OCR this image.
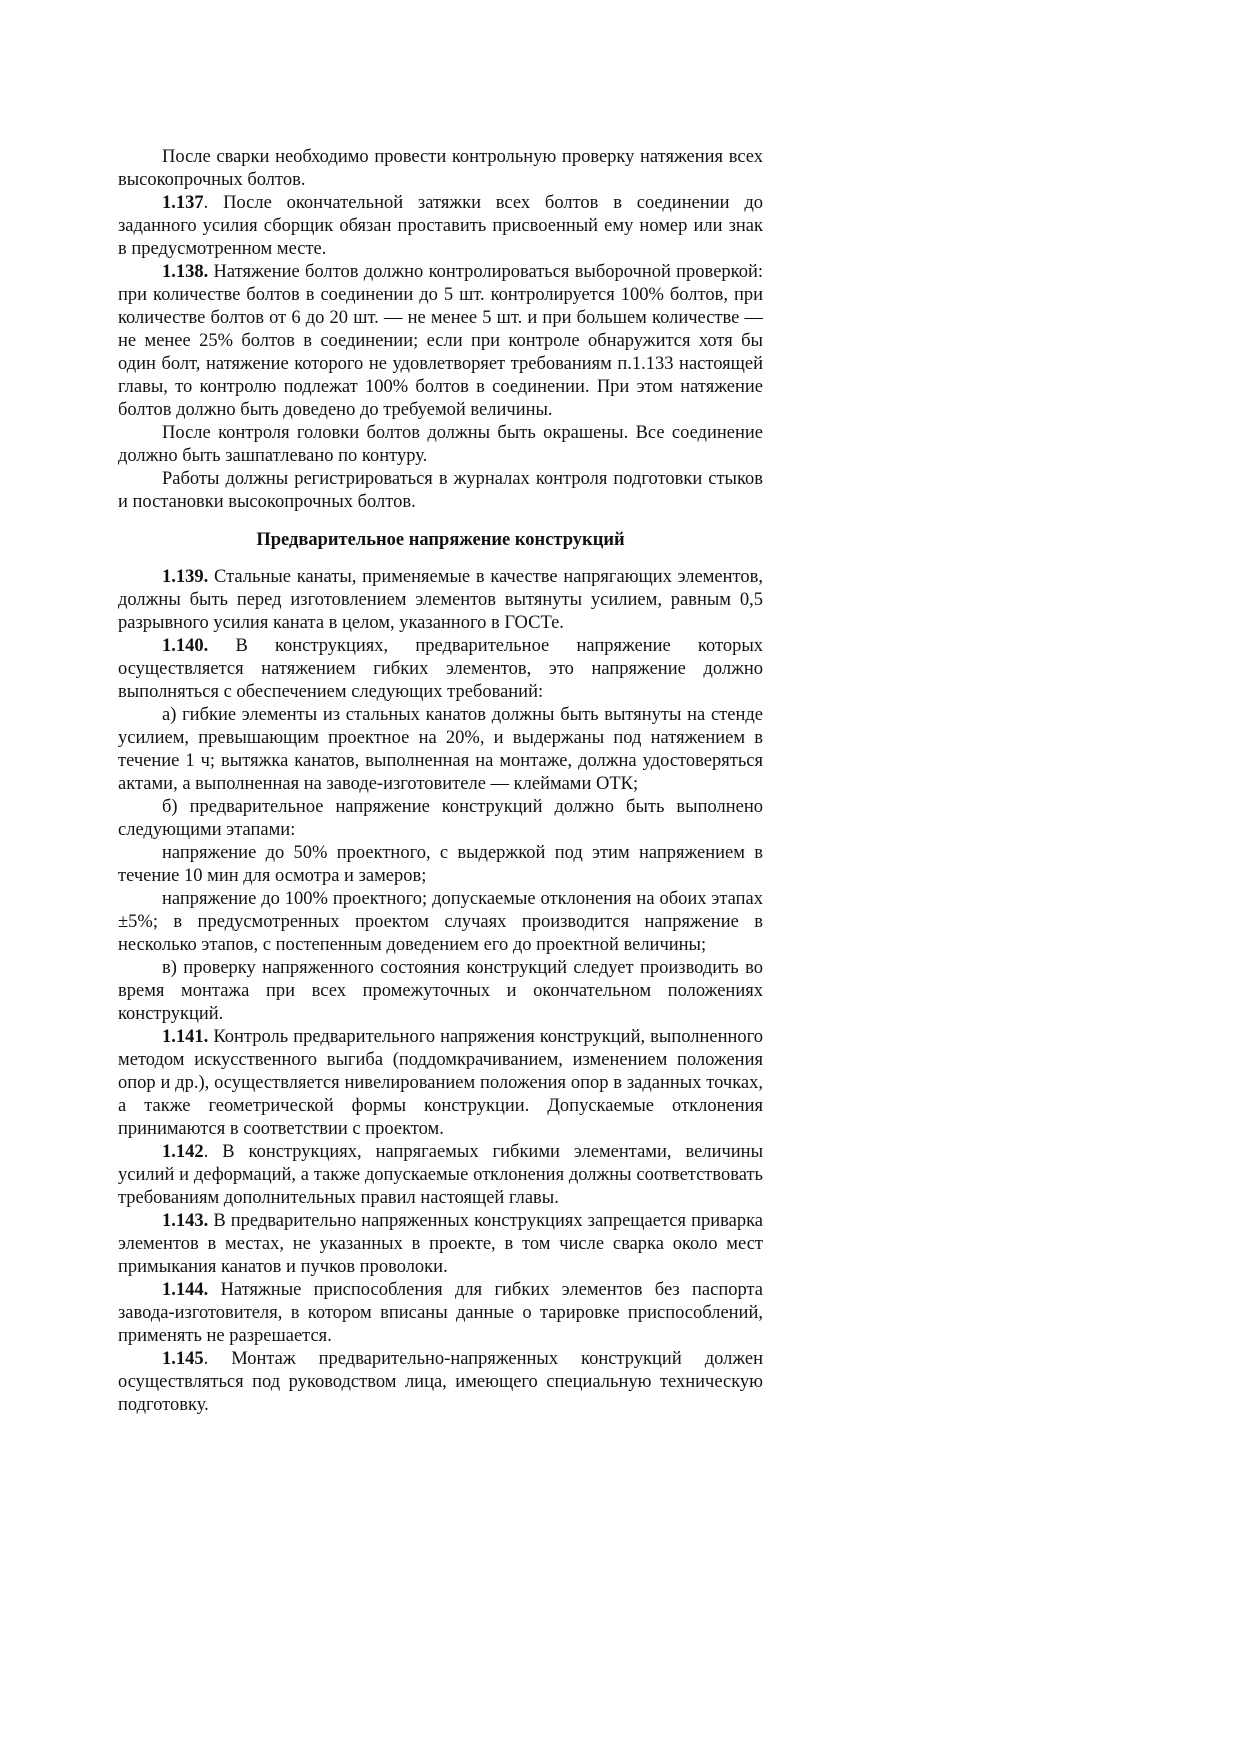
После сварки необходимо провести контрольную проверку натяжения всех высокопрочных болтов.

1.137. После окончательной затяжки всех болтов в соединении до заданного усилия сборщик обязан проставить присвоенный ему номер или знак в предусмотренном месте.

1.138. Натяжение болтов должно контролироваться выборочной проверкой: при количестве болтов в соединении до 5 шт. контролируется 100% болтов, при количестве болтов от 6 до 20 шт. — не менее 5 шт. и при большем количестве — не менее 25% болтов в соединении; если при контроле обнаружится хотя бы один болт, натяжение которого не удовлетворяет требованиям п.1.133 настоящей главы, то контролю подлежат 100% болтов в соединении. При этом натяжение болтов должно быть доведено до требуемой величины.

После контроля головки болтов должны быть окрашены. Все соединение должно быть зашпатлевано по контуру.

Работы должны регистрироваться в журналах контроля подготовки стыков и постановки высокопрочных болтов.

Предварительное напряжение конструкций

1.139. Стальные канаты, применяемые в качестве напрягающих элементов, должны быть перед изготовлением элементов вытянуты усилием, равным 0,5 разрывного усилия каната в целом, указанного в ГОСТе.

1.140. В конструкциях, предварительное напряжение которых осуществляется натяжением гибких элементов, это напряжение должно выполняться с обеспечением следующих требований:

а) гибкие элементы из стальных канатов должны быть вытянуты на стенде усилием, превышающим проектное на 20%, и выдержаны под натяжением в течение 1 ч; вытяжка канатов, выполненная на монтаже, должна удостоверяться актами, а выполненная на заводе-изготовителе — клеймами ОТК;

б) предварительное напряжение конструкций должно быть выполнено следующими этапами:

напряжение до 50% проектного, с выдержкой под этим напряжением в течение 10 мин для осмотра и замеров;

напряжение до 100% проектного; допускаемые отклонения на обоих этапах ±5%; в предусмотренных проектом случаях производится напряжение в несколько этапов, с постепенным доведением его до проектной величины;

в) проверку напряженного состояния конструкций следует производить во время монтажа при всех промежуточных и окончательном положениях конструкций.

1.141. Контроль предварительного напряжения конструкций, выполненного методом искусственного выгиба (поддомкрачиванием, изменением положения опор и др.), осуществляется нивелированием положения опор в заданных точках, а также геометрической формы конструкции. Допускаемые отклонения принимаются в соответствии с проектом.

1.142. В конструкциях, напрягаемых гибкими элементами, величины усилий и деформаций, а также допускаемые отклонения должны соответствовать требованиям дополнительных правил настоящей главы.

1.143. В предварительно напряженных конструкциях запрещается приварка элементов в местах, не указанных в проекте, в том числе сварка около мест примыкания канатов и пучков проволоки.

1.144. Натяжные приспособления для гибких элементов без паспорта завода-изготовителя, в котором вписаны данные о тарировке приспособлений, применять не разрешается.

1.145. Монтаж предварительно-напряженных конструкций должен осуществляться под руководством лица, имеющего специальную техническую подготовку.
